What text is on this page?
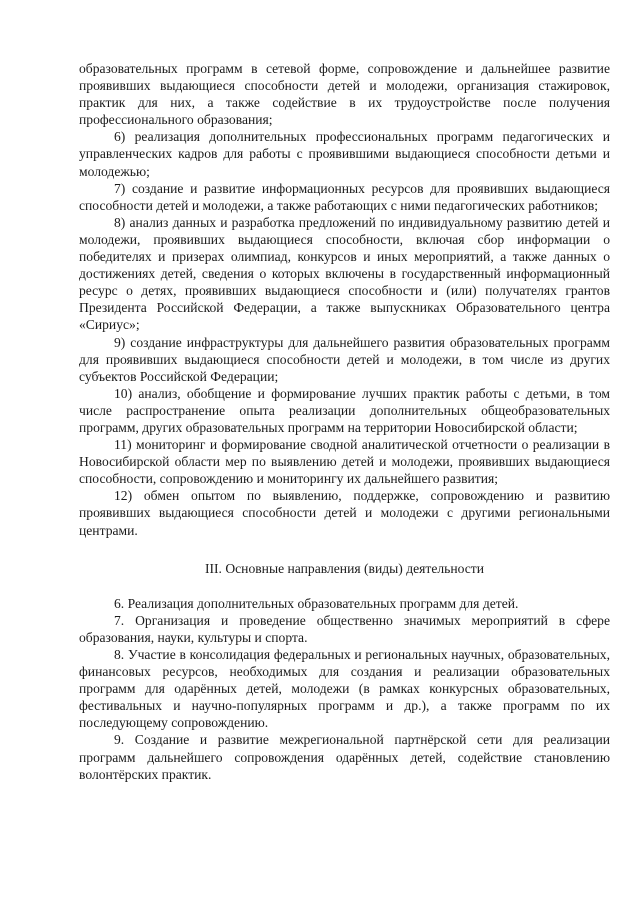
образовательных программ в сетевой форме, сопровождение и дальнейшее развитие проявивших выдающиеся способности детей и молодежи, организация стажировок, практик для них, а также содействие в их трудоустройстве после получения профессионального образования;

6) реализация дополнительных профессиональных программ педагогических и управленческих кадров для работы с проявившими выдающиеся способности детьми и молодежью;

7) создание и развитие информационных ресурсов для проявивших выдающиеся способности детей и молодежи, а также работающих с ними педагогических работников;

8) анализ данных и разработка предложений по индивидуальному развитию детей и молодежи, проявивших выдающиеся способности, включая сбор информации о победителях и призерах олимпиад, конкурсов и иных мероприятий, а также данных о достижениях детей, сведения о которых включены в государственный информационный ресурс о детях, проявивших выдающиеся способности и (или) получателях грантов Президента Российской Федерации, а также выпускниках Образовательного центра «Сириус»;

9) создание инфраструктуры для дальнейшего развития образовательных программ для проявивших выдающиеся способности детей и молодежи, в том числе из других субъектов Российской Федерации;

10) анализ, обобщение и формирование лучших практик работы с детьми, в том числе распространение опыта реализации дополнительных общеобразовательных программ, других образовательных программ на территории Новосибирской области;

11) мониторинг и формирование сводной аналитической отчетности о реализации в Новосибирской области мер по выявлению детей и молодежи, проявивших выдающиеся способности, сопровождению и мониторингу их дальнейшего развития;

12) обмен опытом по выявлению, поддержке, сопровождению и развитию проявивших выдающиеся способности детей и молодежи с другими региональными центрами.

III. Основные направления (виды) деятельности

6. Реализация дополнительных образовательных программ для детей.

7. Организация и проведение общественно значимых мероприятий в сфере образования, науки, культуры и спорта.

8. Участие в консолидация федеральных и региональных научных, образовательных, финансовых ресурсов, необходимых для создания и реализации образовательных программ для одарённых детей, молодежи (в рамках конкурсных образовательных, фестивальных и научно-популярных программ и др.), а также программ по их последующему сопровождению.

9. Создание и развитие межрегиональной партнёрской сети для реализации программ дальнейшего сопровождения одарённых детей, содействие становлению волонтёрских практик.
